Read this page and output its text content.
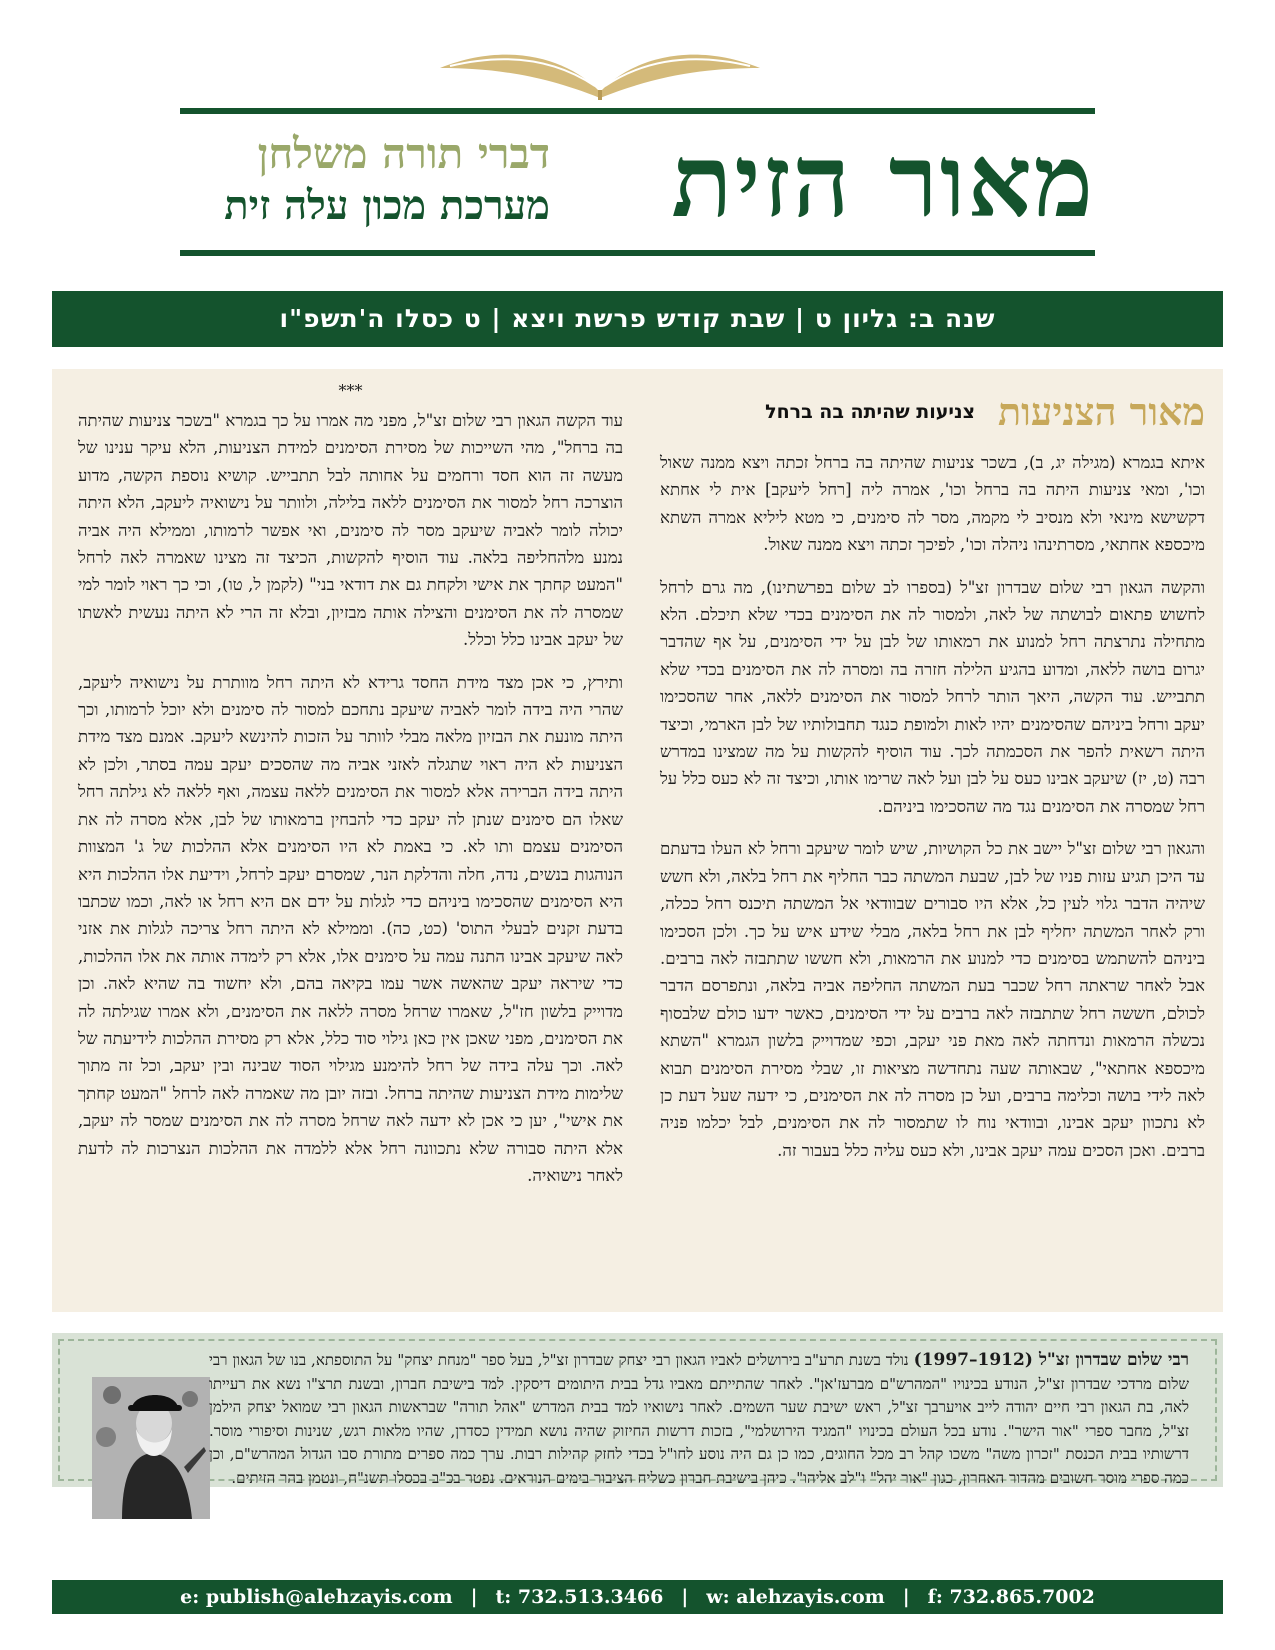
מאור הזית
דברי תורה משלחן
מערכת מכון עלה זית
שנה ב: גליון ט | שבת קודש פרשת ויצא | ט כסלו ה'תשפ"ו
מאור הצניעות
צניעות שהיתה בה ברחל

איתא בגמרא (מגילה יג, ב), בשכר צניעות שהיתה בה ברחל זכתה ויצא ממנה שאול וכו', ומאי צניעות היתה בה ברחל וכו', אמרה ליה [רחל ליעקב] אית לי אחתא דקשישא מינאי ולא מנסיב לי מקמה, מסר לה סימנים, כי מטא ליליא אמרה השתא מיכספא אחתאי, מסרתינהו ניהלה וכו', לפיכך זכתה ויצא ממנה שאול.

והקשה הגאון רבי שלום שבדרון זצ"ל (בספרו לב שלום בפרשתינו), מה גרם לרחל לחשוש פתאום לבושתה של לאה, ולמסור לה את הסימנים בכדי שלא תיכלם. הלא מתחילה נתרצתה רחל למנוע את רמאותו של לבן על ידי הסימנים, על אף שהדבר יגרום בושה ללאה, ומדוע בהגיע הלילה חזרה בה ומסרה לה את הסימנים בכדי שלא תתבייש. עוד הקשה, היאך הותר לרחל למסור את הסימנים ללאה, אחר שהסכימו יעקב ורחל ביניהם שהסימנים יהיו לאות ולמופת כנגד תחבולותיו של לבן הארמי, וכיצד היתה רשאית להפר את הסכמתה לכך. עוד הוסיף להקשות על מה שמצינו במדרש רבה (ט, יז) שיעקב אבינו כעס על לבן ועל לאה שרימו אותו, וכיצד זה לא כעס כלל על רחל שמסרה את הסימנים נגד מה שהסכימו ביניהם.

והגאון רבי שלום זצ"ל יישב את כל הקושיות, שיש לומר שיעקב ורחל לא העלו בדעתם עד היכן תגיע עזות פניו של לבן, שבעת המשתה כבר החליף את רחל בלאה, ולא חשש שיהיה הדבר גלוי לעין כל, אלא היו סבורים שבוודאי אל המשתה תיכנס רחל ככלה, ורק לאחר המשתה יחליף לבן את רחל בלאה, מבלי שידע איש על כך. ולכן הסכימו ביניהם להשתמש בסימנים כדי למנוע את הרמאות, ולא חששו שתתבזה לאה ברבים. אבל לאחר שראתה רחל שכבר בעת המשתה החליפה אביה בלאה, ונתפרסם הדבר לכולם, חששה רחל שתתבזה לאה ברבים על ידי הסימנים, כאשר ידעו כולם שלבסוף נכשלה הרמאות ונדחתה לאה מאת פני יעקב, וכפי שמדוייק בלשון הגמרא "השתא מיכספא אחתאי", שבאותה שעה נתחדשה מציאות זו, שבלי מסירת הסימנים תבוא לאה לידי בושה וכלימה ברבים, ועל כן מסרה לה את הסימנים, כי ידעה שעל דעת כן לא נתכוון יעקב אבינו, ובוודאי נוח לו שתמסור לה את הסימנים, לבל יכלמו פניה ברבים. ואכן הסכים עמה יעקב אבינו, ולא כעס עליה כלל בעבור זה.

***

עוד הקשה הגאון רבי שלום זצ"ל, מפני מה אמרו על כך בגמרא "בשכר צניעות שהיתה בה ברחל", מהי השייכות של מסירת הסימנים למידת הצניעות, הלא עיקר ענינו של מעשה זה הוא חסד ורחמים על אחותה לבל תתבייש. קושיא נוספת הקשה, מדוע הוצרכה רחל למסור את הסימנים ללאה בלילה, ולוותר על נישואיה ליעקב, הלא היתה יכולה לומר לאביה שיעקב מסר לה סימנים, ואי אפשר לרמותו, וממילא היה אביה נמנע מלהחליפה בלאה. עוד הוסיף להקשות, הכיצד זה מצינו שאמרה לאה לרחל "המעט קחתך את אישי ולקחת גם את דודאי בני" (לקמן ל, טו), וכי כך ראוי לומר למי שמסרה לה את הסימנים והצילה אותה מבזיון, ובלא זה הרי לא היתה נעשית לאשתו של יעקב אבינו כלל וכלל.

ותירץ, כי אכן מצד מידת החסד גרידא לא היתה רחל מוותרת על נישואיה ליעקב, שהרי היה בידה לומר לאביה שיעקב נתחכם למסור לה סימנים ולא יוכל לרמותו, וכך היתה מונעת את הבזיון מלאה מבלי לוותר על הזכות להינשא ליעקב. אמנם מצד מידת הצניעות לא היה ראוי שתגלה לאזני אביה מה שהסכים יעקב עמה בסתר, ולכן לא היתה בידה הברירה אלא למסור את הסימנים ללאה עצמה, ואף ללאה לא גילתה רחל שאלו הם סימנים שנתן לה יעקב כדי להבחין ברמאותו של לבן, אלא מסרה לה את הסימנים עצמם ותו לא. כי באמת לא היו הסימנים אלא ההלכות של ג' המצוות הנוהגות בנשים, נדה, חלה והדלקת הנר, שמסרם יעקב לרחל, וידיעת אלו ההלכות היא היא הסימנים שהסכימו ביניהם כדי לגלות על ידם אם היא רחל או לאה, וכמו שכתבו בדעת זקנים לבעלי התוס' (כט, כה). וממילא לא היתה רחל צריכה לגלות את אזני לאה שיעקב אבינו התנה עמה על סימנים אלו, אלא רק לימדה אותה את אלו ההלכות, כדי שיראה יעקב שהאשה אשר עמו בקיאה בהם, ולא יחשוד בה שהיא לאה. וכן מדוייק בלשון חז"ל, שאמרו שרחל מסרה ללאה את הסימנים, ולא אמרו שגילתה לה את הסימנים, מפני שאכן אין כאן גילוי סוד כלל, אלא רק מסירת ההלכות לידיעתה של לאה. וכך עלה בידה של רחל להימנע מגילוי הסוד שבינה ובין יעקב, וכל זה מתוך שלימות מידת הצניעות שהיתה ברחל. ובזה יובן מה שאמרה לאה לרחל "המעט קחתך את אישי", יען כי אכן לא ידעה לאה שרחל מסרה לה את הסימנים שמסר לה יעקב, אלא היתה סבורה שלא נתכוונה רחל אלא ללמדה את ההלכות הנצרכות לה לדעת לאחר נישואיה.

רבי שלום שבדרון זצ"ל (1912–1997) נולד בשנת תרע"ב בירושלים לאביו הגאון רבי יצחק שבדרון זצ"ל, בעל ספר "מנחת יצחק" על התוספתא, בנו של הגאון רבי שלום מרדכי שבדרון זצ"ל, הנודע בכינויו "המהרש"ם מברעז'אן". לאחר שהתייתם מאביו גדל בבית היתומים דיסקין. למד בישיבת חברון, ובשנת תרצ"ו נשא את רעייתו לאה, בת הגאון רבי חיים יהודה לייב אויערבך זצ"ל, ראש ישיבת שער השמים. לאחר נישואיו למד בבית המדרש "אהל תורה" שבראשות הגאון רבי שמואל יצחק הילמן זצ"ל, מחבר ספרי "אור הישר". נודע בכל העולם בכינויו "המגיד הירושלמי", בזכות דרשות החיזוק שהיה נושא תמידין כסדרן, שהיו מלאות רגש, שנינות וסיפורי מוסר. דרשותיו בבית הכנסת "זכרון משה" משכו קהל רב מכל החוגים, כמו כן גם היה נוסע לחו"ל בכדי לחזק קהילות רבות. ערך כמה ספרים מתורת סבו הגדול המהרש"ם, וכן כמה ספרי מוסר חשובים מהדור האחרון, כגון "אור יהל" ו"לב אליהו". כיהן בישיבת חברון כשליח הציבור בימים הנוראים. נפטר בכ"ב בכסלו תשנ"ח, ונטמן בהר הזיתים.
e: publish@alehzayis.com | t: 732.513.3466 | w: alehzayis.com | f: 732.865.7002
